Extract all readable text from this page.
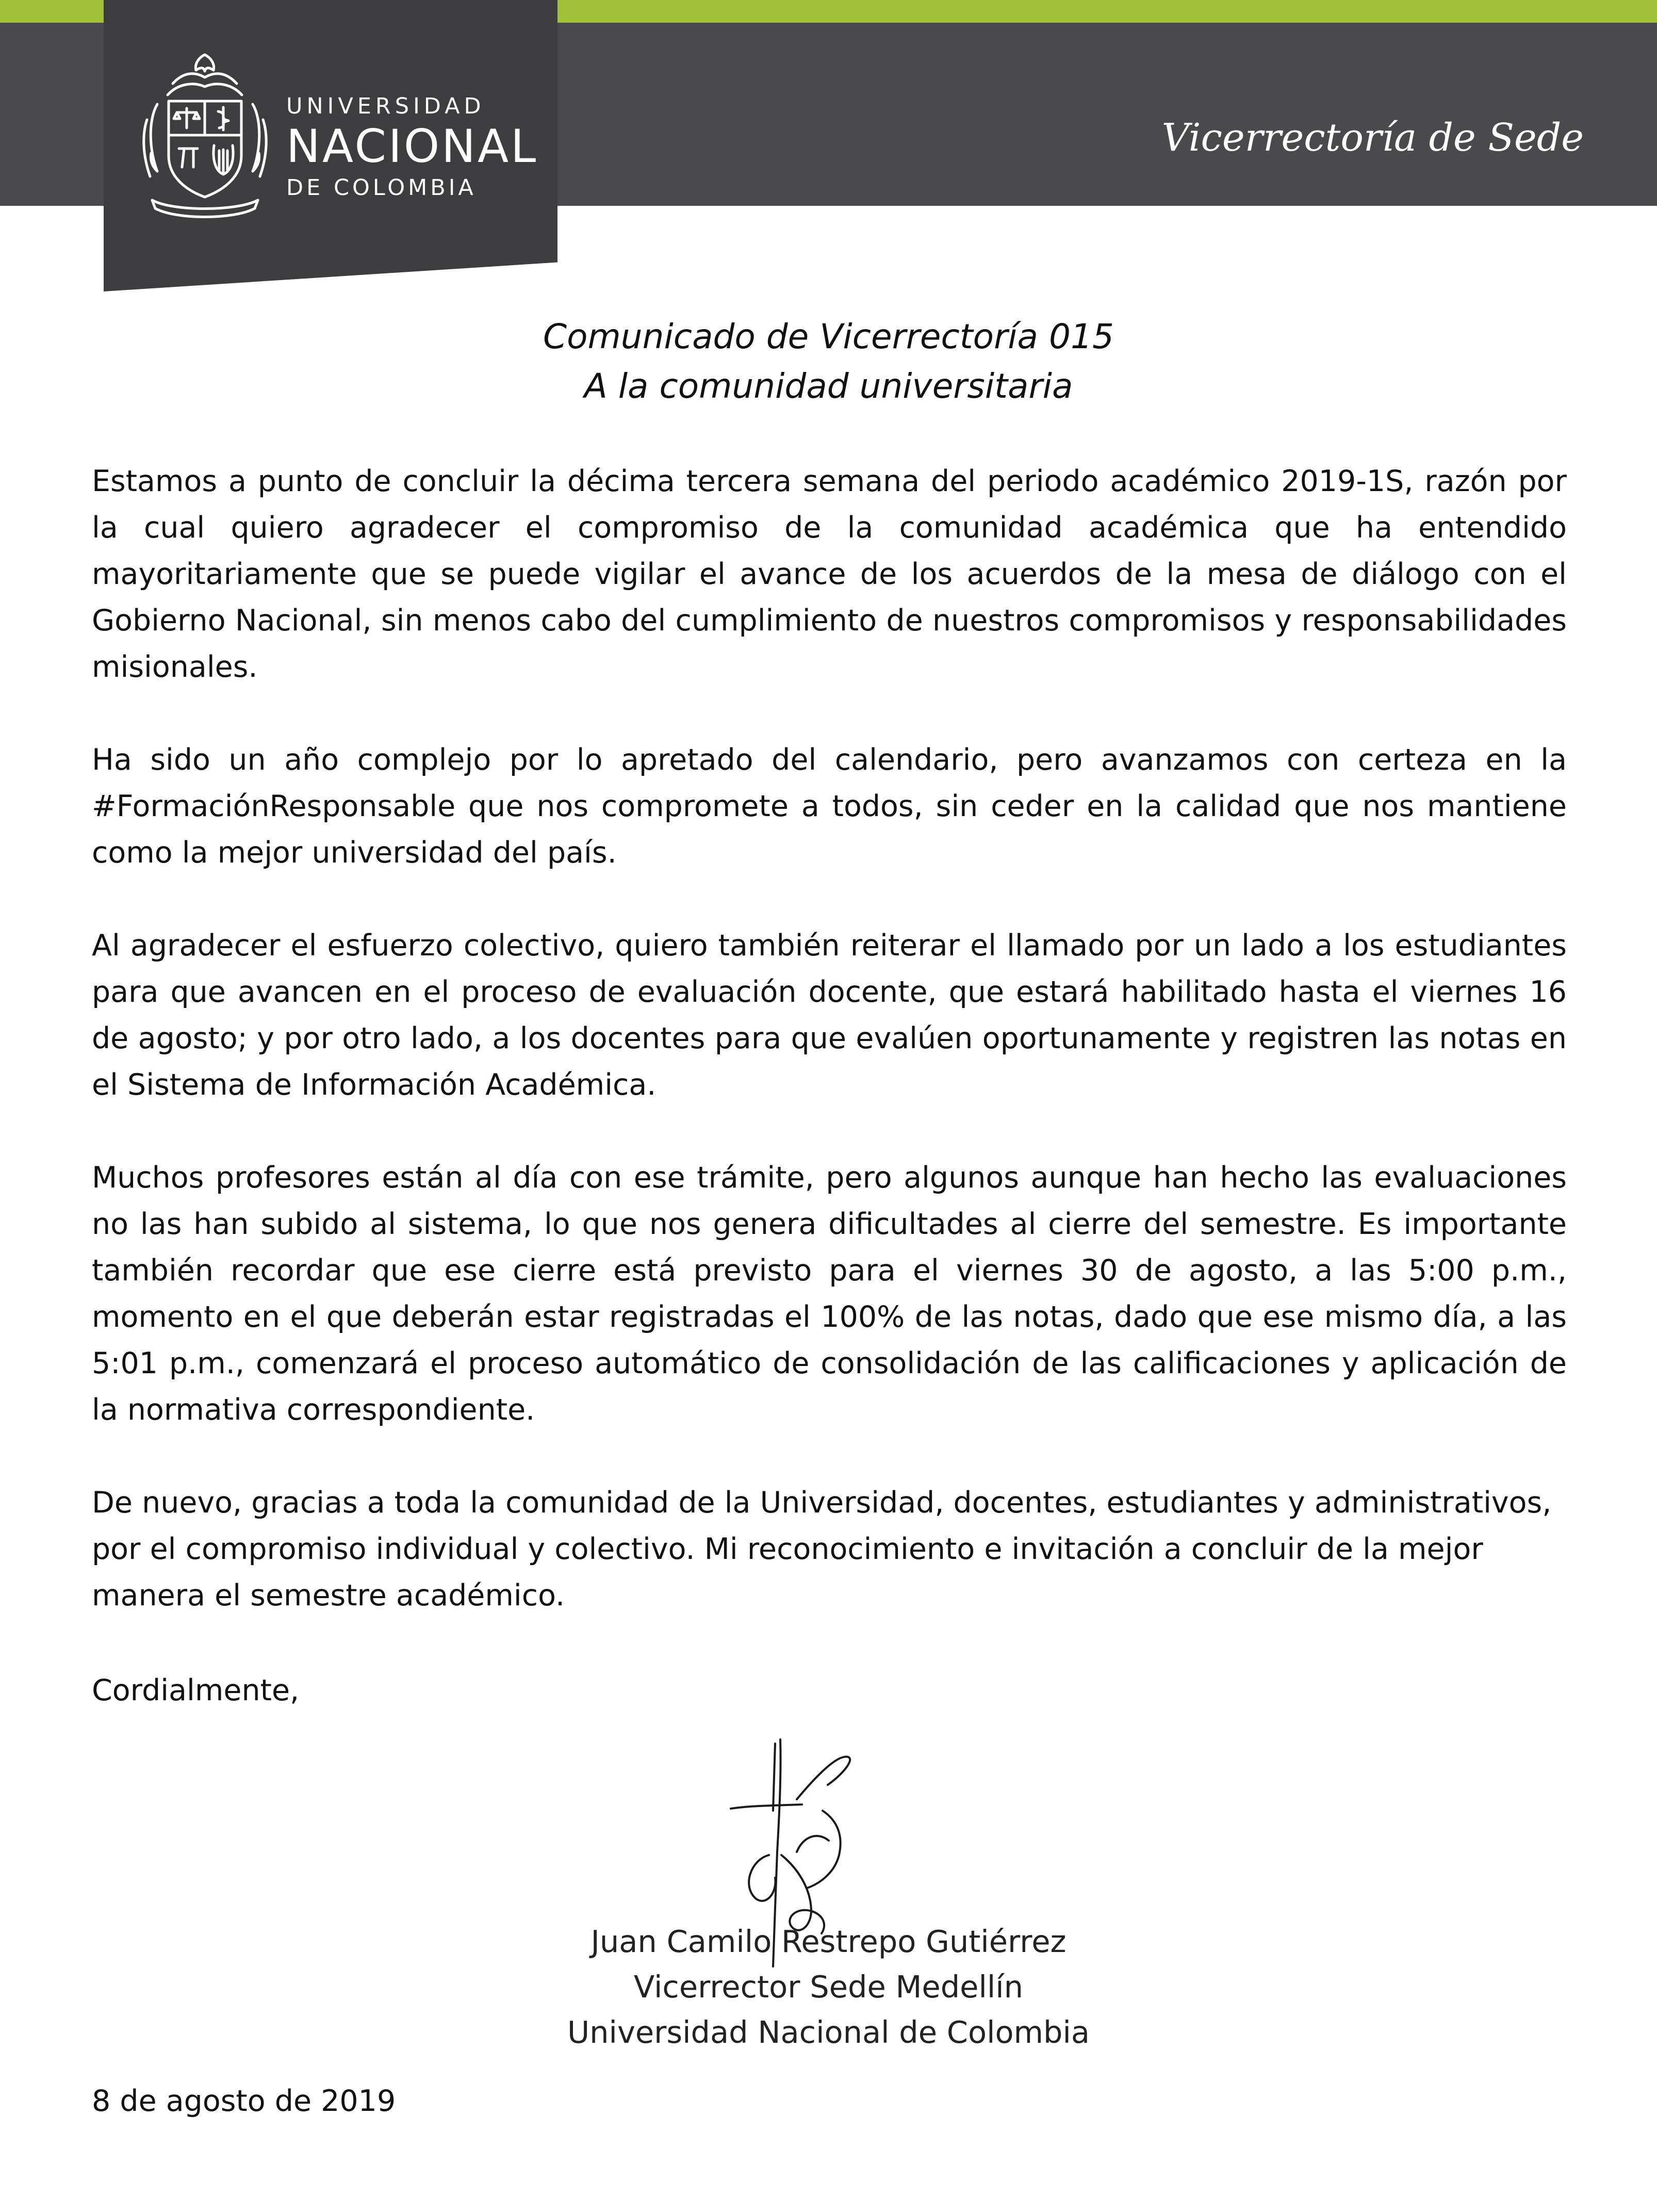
UNIVERSIDAD
NACIONAL
DE COLOMBIA
Vicerrectoría de Sede
Comunicado de Vicerrectoría 015
A la comunidad universitaria

Estamos a punto de concluir la décima tercera semana del periodo académico 2019-1S, razón por la cual quiero agradecer el compromiso de la comunidad académica que ha entendido mayoritariamente que se puede vigilar el avance de los acuerdos de la mesa de diálogo con el Gobierno Nacional, sin menos cabo del cumplimiento de nuestros compromisos y responsabilidades misionales.

Ha sido un año complejo por lo apretado del calendario, pero avanzamos con certeza en la #FormaciónResponsable que nos compromete a todos, sin ceder en la calidad que nos mantiene como la mejor universidad del país.

Al agradecer el esfuerzo colectivo, quiero también reiterar el llamado por un lado a los estudiantes para que avancen en el proceso de evaluación docente, que estará habilitado hasta el viernes 16 de agosto; y por otro lado, a los docentes para que evalúen oportunamente y registren las notas en el Sistema de Información Académica.

Muchos profesores están al día con ese trámite, pero algunos aunque han hecho las evaluaciones no las han subido al sistema, lo que nos genera dificultades al cierre del semestre. Es importante también recordar que ese cierre está previsto para el viernes 30 de agosto, a las 5:00 p.m., momento en el que deberán estar registradas el 100% de las notas, dado que ese mismo día, a las 5:01 p.m., comenzará el proceso automático de consolidación de las calificaciones y aplicación de la normativa correspondiente.

De nuevo, gracias a toda la comunidad de la Universidad, docentes, estudiantes y administrativos, por el compromiso individual y colectivo. Mi reconocimiento e invitación a concluir de la mejor manera el semestre académico.

Cordialmente,
Juan Camilo Restrepo Gutiérrez
Vicerrector Sede Medellín
Universidad Nacional de Colombia
8 de agosto de 2019
